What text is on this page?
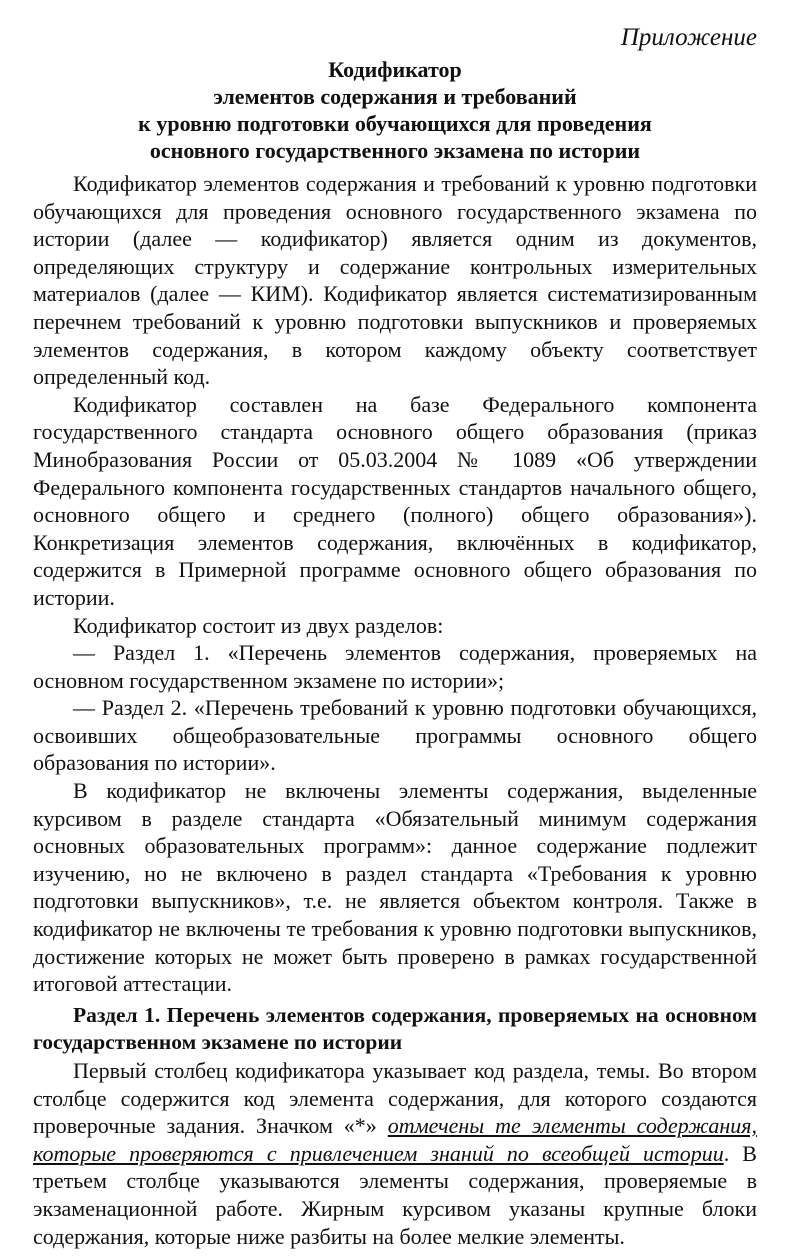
Приложение
Кодификатор
элементов содержания и требований
к уровню подготовки обучающихся для проведения
основного государственного экзамена по истории

Кодификатор элементов содержания и требований к уровню подготовки обучающихся для проведения основного государственного экзамена по истории (далее — кодификатор) является одним из документов, определяющих структуру и содержание контрольных измерительных материалов (далее — КИМ). Кодификатор является систематизированным перечнем требований к уровню подготовки выпускников и проверяемых элементов содержания, в котором каждому объекту соответствует определенный код.

Кодификатор составлен на базе Федерального компонента государственного стандарта основного общего образования (приказ Минобразования России от 05.03.2004 № 1089 «Об утверждении Федерального компонента государственных стандартов начального общего, основного общего и среднего (полного) общего образования»). Конкретизация элементов содержания, включённых в кодификатор, содержится в Примерной программе основного общего образования по истории.

Кодификатор состоит из двух разделов:

— Раздел 1. «Перечень элементов содержания, проверяемых на основном государственном экзамене по истории»;

— Раздел 2. «Перечень требований к уровню подготовки обучающихся, освоивших общеобразовательные программы основного общего образования по истории».

В кодификатор не включены элементы содержания, выделенные курсивом в разделе стандарта «Обязательный минимум содержания основных образовательных программ»: данное содержание подлежит изучению, но не включено в раздел стандарта «Требования к уровню подготовки выпускников», т.е. не является объектом контроля. Также в кодификатор не включены те требования к уровню подготовки выпускников, достижение которых не может быть проверено в рамках государственной итоговой аттестации.

Раздел 1. Перечень элементов содержания, проверяемых на основном государственном экзамене по истории

Первый столбец кодификатора указывает код раздела, темы. Во втором столбце содержится код элемента содержания, для которого создаются проверочные задания. Значком «*» отмечены те элементы содержания, которые проверяются с привлечением знаний по всеобщей истории. В третьем столбце указываются элементы содержания, проверяемые в экзаменационной работе. Жирным курсивом указаны крупные блоки содержания, которые ниже разбиты на более мелкие элементы.
